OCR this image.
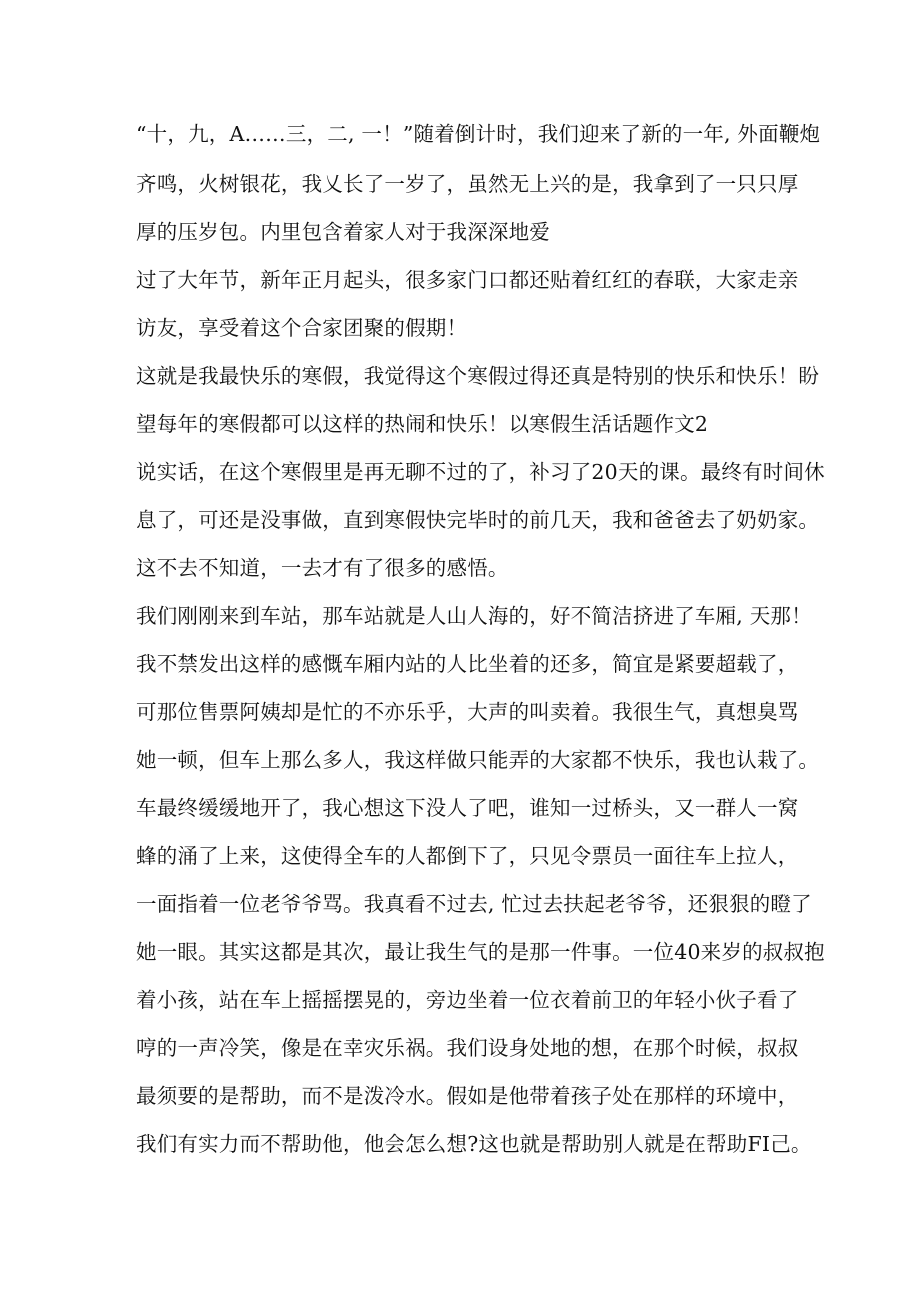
“十，九，A……三，二, 一！”随着倒计时，我们迎来了新的一年, 外面鞭炮
齐鸣，火树银花，我乂长了一岁了，虽然无上兴的是，我拿到了一只只厚
厚的压岁包。内里包含着家人对于我深深地爱
过了大年节，新年正月起头，很多家门口都还贴着红红的春联，大家走亲
访友，享受着这个合家团聚的假期！
这就是我最快乐的寒假，我觉得这个寒假过得还真是特别的快乐和快乐！盼
望每年的寒假都可以这样的热闹和快乐！以寒假生活话题作文2
说实话，在这个寒假里是再无聊不过的了，补习了20天的课。最终有时间休
息了，可还是没事做，直到寒假快完毕时的前几天，我和爸爸去了奶奶家。
这不去不知道，一去才有了很多的感悟。
我们刚刚来到车站，那车站就是人山人海的，好不简洁挤进了车厢, 天那！
我不禁发出这样的感慨车厢内站的人比坐着的还多，简宜是紧要超载了，
可那位售票阿姨却是忙的不亦乐乎，大声的叫卖着。我很生气，真想臭骂
她一顿，但车上那么多人，我这样做只能弄的大家都不快乐，我也认栽了。
车最终缓缓地开了，我心想这下没人了吧，谁知一过桥头，又一群人一窝
蜂的涌了上来，这使得全车的人都倒下了，只见令票员一面往车上拉人，
一面指着一位老爷爷骂。我真看不过去, 忙过去扶起老爷爷，还狠狠的瞪了
她一眼。其实这都是其次，最让我生气的是那一件事。一位40来岁的叔叔抱
着小孩，站在车上摇摇摆晃的，旁边坐着一位衣着前卫的年轻小伙子看了
哼的一声冷笑，像是在幸灾乐祸。我们设身处地的想，在那个时候，叔叔
最须要的是帮助，而不是泼冷水。假如是他带着孩子处在那样的环境中，
我们有实力而不帮助他，他会怎么想?这也就是帮助别人就是在帮助FI己。
